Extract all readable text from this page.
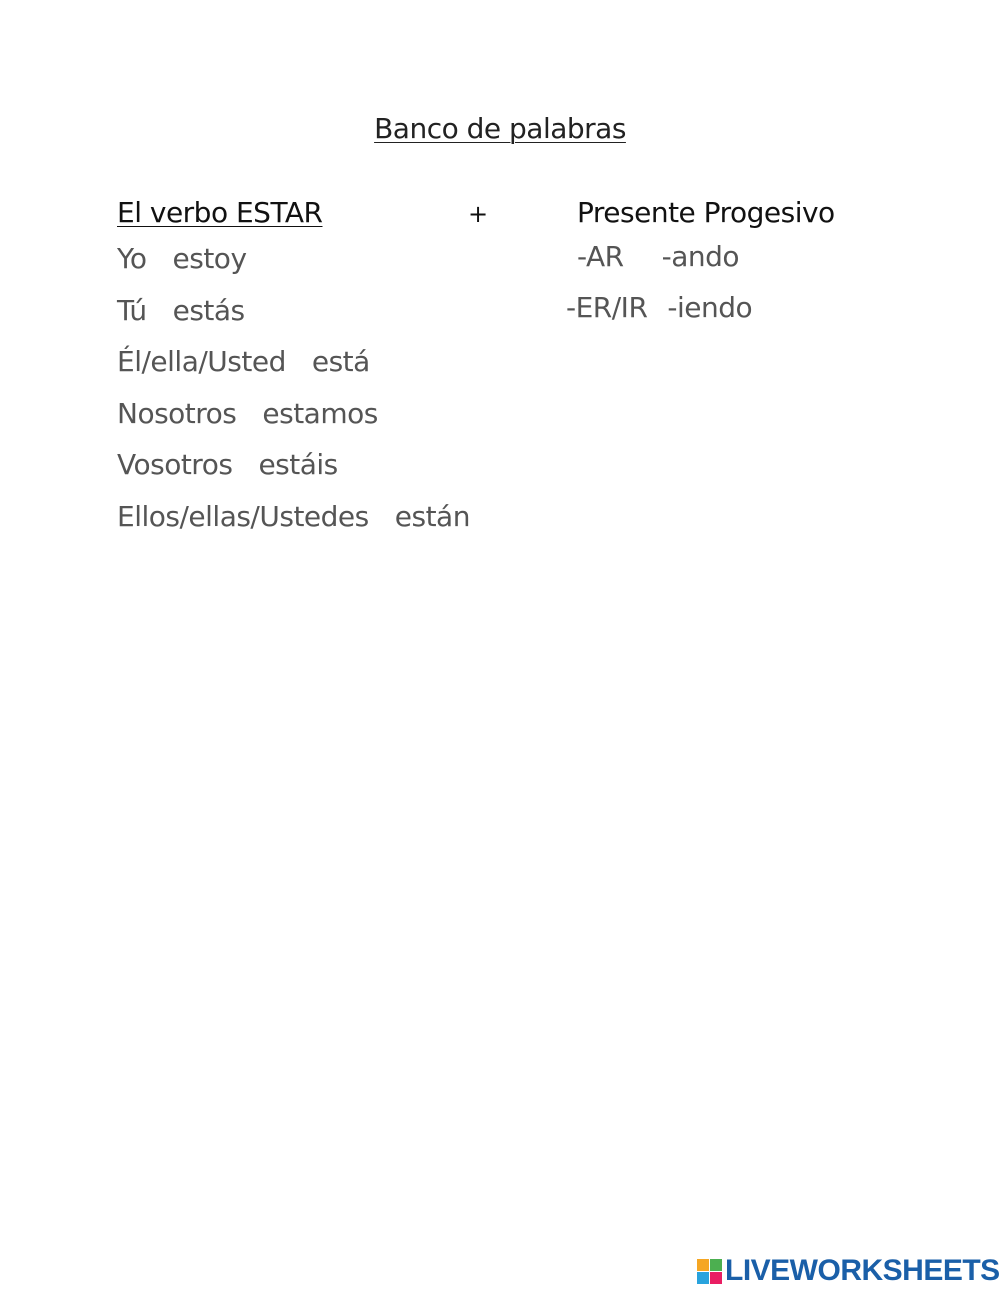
Banco de palabras
El verbo ESTAR	+	Presente Progesivo
Yo estoy
Tú estás
Él/ella/Usted está
Nosotros estamos
Vosotros estáis
Ellos/ellas/Ustedes están
-AR -ando
-ER/IR -iendo
LIVEWORKSHEETS
